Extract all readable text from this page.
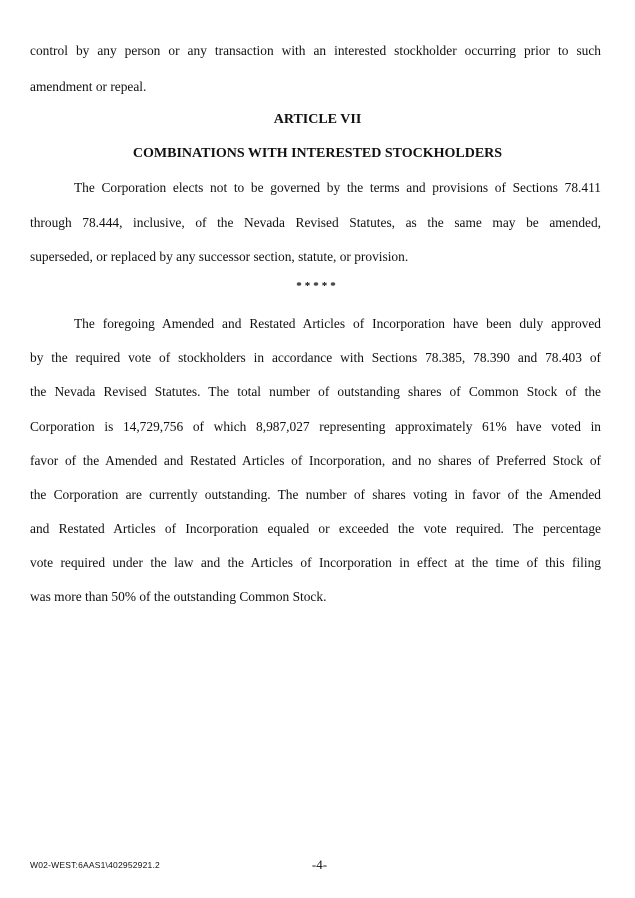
control by any person or any transaction with an interested stockholder occurring prior to such
amendment or repeal.
ARTICLE VII
COMBINATIONS WITH INTERESTED STOCKHOLDERS
The Corporation elects not to be governed by the terms and provisions of Sections 78.411
through 78.444, inclusive, of the Nevada Revised Statutes, as the same may be amended,
superseded, or replaced by any successor section, statute, or provision.
*****
The foregoing Amended and Restated Articles of Incorporation have been duly approved
by the required vote of stockholders in accordance with Sections 78.385, 78.390 and 78.403 of
the Nevada Revised Statutes. The total number of outstanding shares of Common Stock of the
Corporation is 14,729,756 of which 8,987,027 representing approximately 61% have voted in
favor of the Amended and Restated Articles of Incorporation, and no shares of Preferred Stock of
the Corporation are currently outstanding. The number of shares voting in favor of the Amended
and Restated Articles of Incorporation equaled or exceeded the vote required. The percentage
vote required under the law and the Articles of Incorporation in effect at the time of this filing
was more than 50% of the outstanding Common Stock.
W02-WEST:6AAS1\402952921.2	-4-
